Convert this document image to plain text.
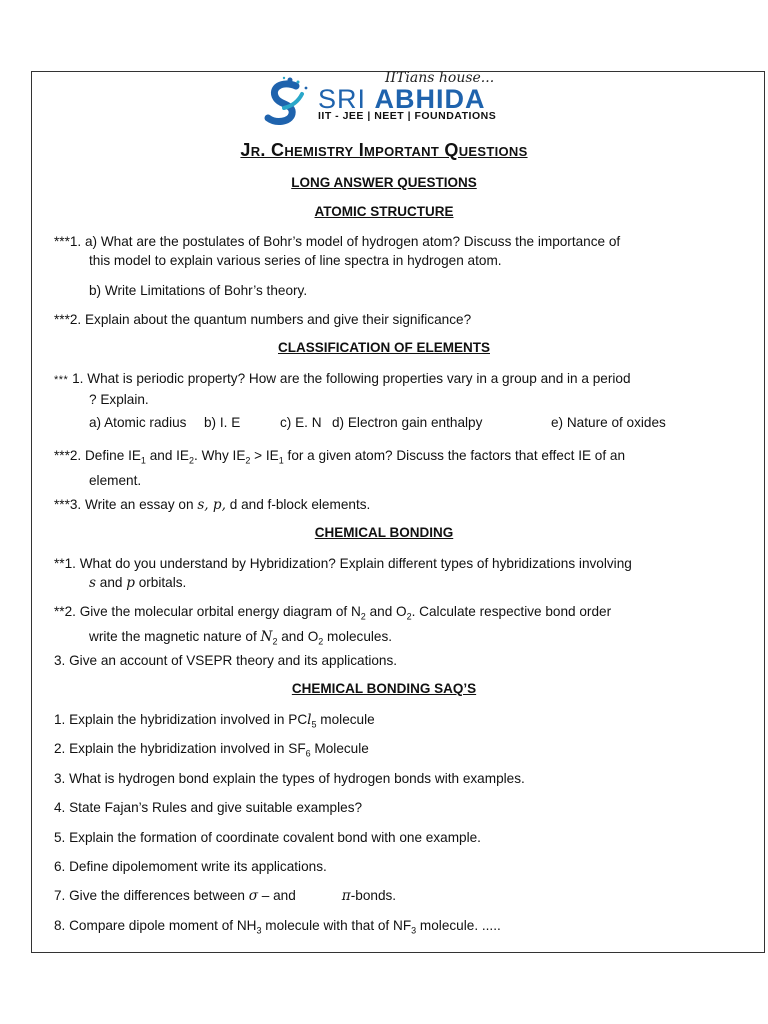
IITians house...
SRI ABHIDA
IIT - JEE | NEET | FOUNDATIONS
Jr. Chemistry Important Questions
LONG ANSWER QUESTIONS
ATOMIC STRUCTURE
***1. a) What are the postulates of Bohr’s model of hydrogen atom? Discuss the importance of
this model to explain various series of line spectra in hydrogen atom.
b) Write Limitations of Bohr’s theory.
***2. Explain about the quantum numbers and give their significance?
CLASSIFICATION OF ELEMENTS
*** 1. What is periodic property? How are the following properties vary in a group and in a period
? Explain.
a) Atomic radius b) I. E	c) E. N d) Electron gain enthalpy	e) Nature of oxides
***2. Define $IE_1$ and $IE_2$. Why $IE_2 > IE_1$ for a given atom? Discuss the factors that effect IE of an
element.
***3. Write an essay on s, p, d and f-block elements.
CHEMICAL BONDING
**1. What do you understand by Hybridization? Explain different types of hybridizations involving
s and p orbitals.
**2. Give the molecular orbital energy diagram of $N_2$ and $O_2$. Calculate respective bond order
write the magnetic nature of $N_2$ and $O_2$ molecules.
3. Give an account of VSEPR theory and its applications.
CHEMICAL BONDING SAQ’S
1. Explain the hybridization involved in PCl$_5$ molecule
2. Explain the hybridization involved in $SF_6$ Molecule
3. What is hydrogen bond explain the types of hydrogen bonds with examples.
4. State Fajan’s Rules and give suitable examples?
5. Explain the formation of coordinate covalent bond with one example.
6. Define dipolemoment write its applications.
7. Give the differences between σ – and	π-bonds.
8. Compare dipole moment of $NH_3$ molecule with that of $NF_3$ molecule. .....
